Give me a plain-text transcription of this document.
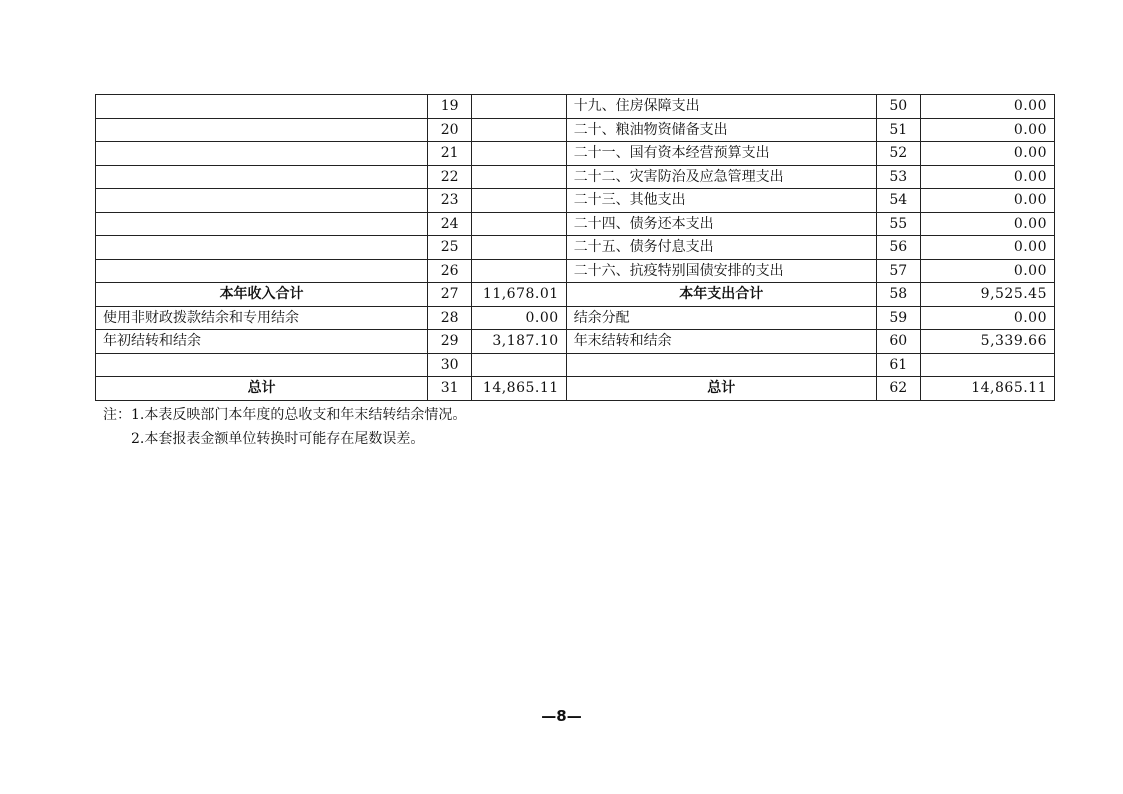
	19		十九、住房保障支出	50	0.00
	20		二十、粮油物资储备支出	51	0.00
	21		二十一、国有资本经营预算支出	52	0.00
	22		二十二、灾害防治及应急管理支出	53	0.00
	23		二十三、其他支出	54	0.00
	24		二十四、债务还本支出	55	0.00
	25		二十五、债务付息支出	56	0.00
	26		二十六、抗疫特别国债安排的支出	57	0.00
本年收入合计	27	11,678.01	本年支出合计	58	9,525.45
使用非财政拨款结余和专用结余	28	0.00	结余分配	59	0.00
年初结转和结余	29	3,187.10	年末结转和结余	60	5,339.66
	30			61	
总计	31	14,865.11	总计	62	14,865.11
注：1.本表反映部门本年度的总收支和年末结转结余情况。
2.本套报表金额单位转换时可能存在尾数误差。
—8—
